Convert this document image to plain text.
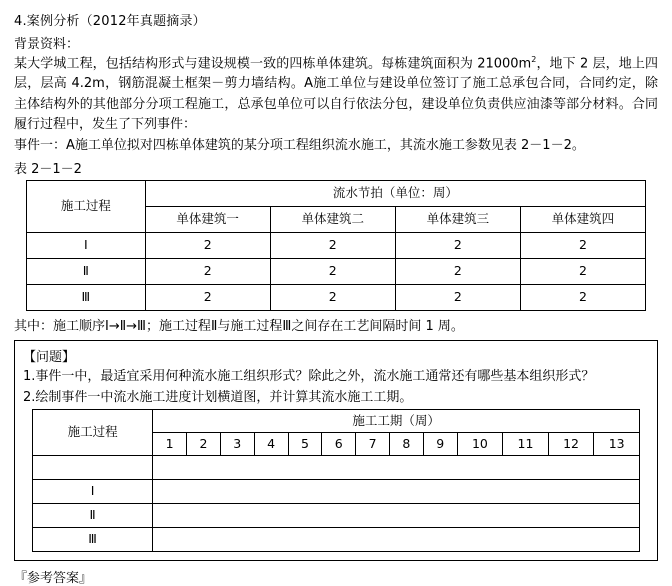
4.案例分析（2012年真题摘录）
背景资料：

某大学城工程，包括结构形式与建设规模一致的四栋单体建筑。每栋建筑面积为 $21000m^2$，地下 2 层，地上四层，层高 4.2m，钢筋混凝土框架－剪力墙结构。A施工单位与建设单位签订了施工总承包合同，合同约定，除主体结构外的其他部分分项工程施工，总承包单位可以自行依法分包，建设单位负责供应油漆等部分材料。合同履行过程中，发生了下列事件：

事件一：A施工单位拟对四栋单体建筑的某分项工程组织流水施工，其流水施工参数见表 2－1－2。

表 2－1－2
施工过程	流水节拍（单位：周）			
	单体建筑一	单体建筑二	单体建筑三	单体建筑四
Ⅰ	2	2	2	2
Ⅱ	2	2	2	2
Ⅲ	2	2	2	2
其中：施工顺序Ⅰ→Ⅱ→Ⅲ；施工过程Ⅱ与施工过程Ⅲ之间存在工艺间隔时间 1 周。
【问题】

1.事件一中，最适宜采用何种流水施工组织形式？除此之外，流水施工通常还有哪些基本组织形式？

2.绘制事件一中流水施工进度计划横道图，并计算其流水施工工期。

施工过程	施工工期（周）												
	1	2	3	4	5	6	7	8	9	10	11	12	13

Ⅰ													
Ⅱ													
Ⅲ													
『参考答案』
